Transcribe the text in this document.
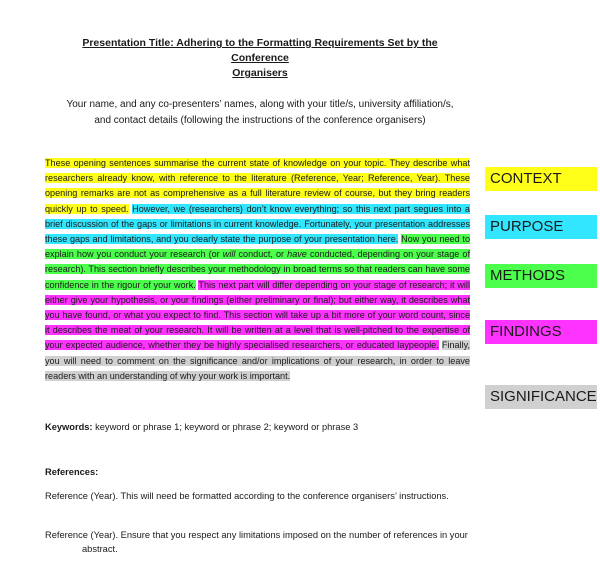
Presentation Title: Adhering to the Formatting Requirements Set by the Conference
Organisers
Your name, and any co-presenters’ names, along with your title/s, university affiliation/s,
and contact details (following the instructions of the conference organisers)
These opening sentences summarise the current state of knowledge on your topic. They describe what researchers already know, with reference to the literature (Reference, Year; Reference, Year). These opening remarks are not as comprehensive as a full literature review of course, but they bring readers quickly up to speed. However, we (researchers) don’t know everything; so this next part segues into a brief discussion of the gaps or limitations in current knowledge. Fortunately, your presentation addresses these gaps and limitations, and you clearly state the purpose of your presentation here. Now you need to explain how you conduct your research (or will conduct, or have conducted, depending on your stage of research). This section briefly describes your methodology in broad terms so that readers can have some confidence in the rigour of your work. This next part will differ depending on your stage of research; it will either give your hypothesis, or your findings (either preliminary or final); but either way, it describes what you have found, or what you expect to find. This section will take up a bit more of your word count, since it describes the meat of your research. It will be written at a level that is well-pitched to the expertise of your expected audience, whether they be highly specialised researchers, or educated laypeople. Finally, you will need to comment on the significance and/or implications of your research, in order to leave readers with an understanding of why your work is important.
CONTEXT
PURPOSE
METHODS
FINDINGS
SIGNIFICANCE
Keywords: keyword or phrase 1; keyword or phrase 2; keyword or phrase 3
References:
Reference (Year). This will need be formatted according to the conference organisers’ instructions.
Reference (Year). Ensure that you respect any limitations imposed on the number of references in your abstract.
